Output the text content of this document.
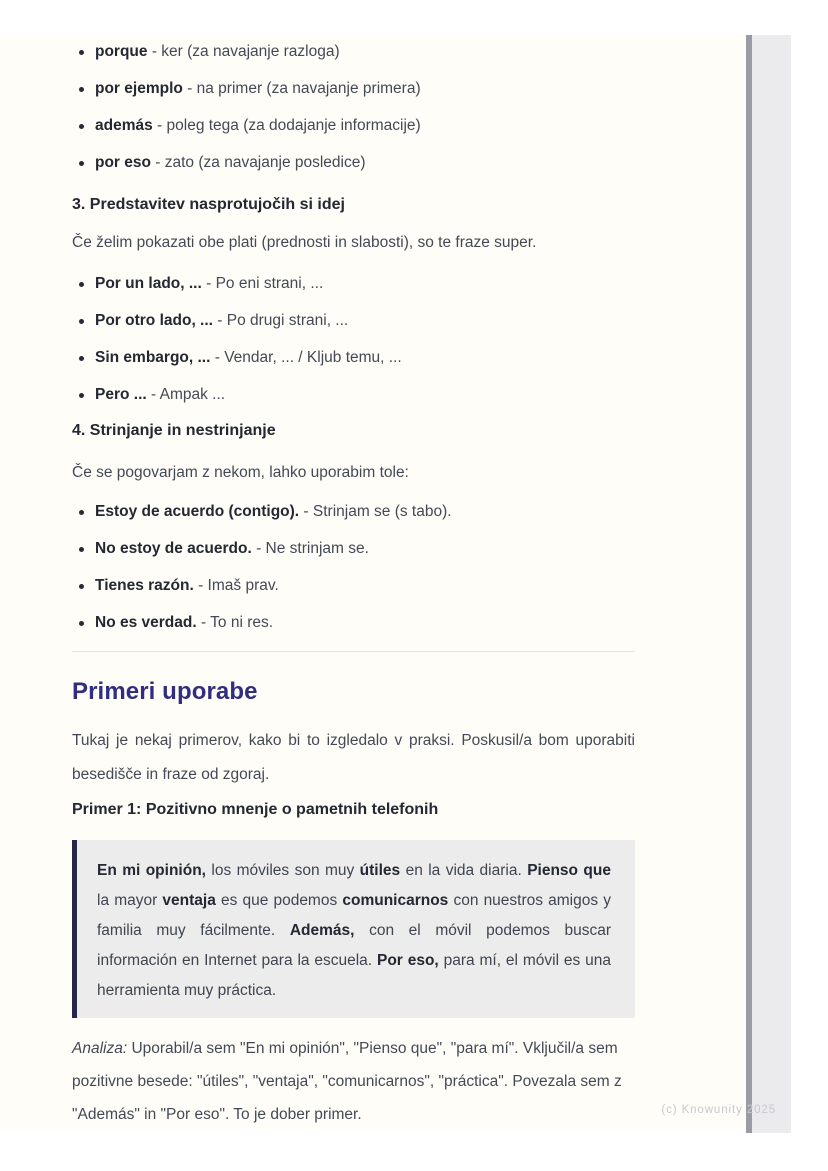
porque - ker (za navajanje razloga)
por ejemplo - na primer (za navajanje primera)
además - poleg tega (za dodajanje informacije)
por eso - zato (za navajanje posledice)
3. Predstavitev nasprotujočih si idej

Če želim pokazati obe plati (prednosti in slabosti), so te fraze super.

Por un lado, ... - Po eni strani, ...
Por otro lado, ... - Po drugi strani, ...
Sin embargo, ... - Vendar, ... / Kljub temu, ...
Pero ... - Ampak ...
4. Strinjanje in nestrinjanje

Če se pogovarjam z nekom, lahko uporabim tole:

Estoy de acuerdo (contigo). - Strinjam se (s tabo).
No estoy de acuerdo. - Ne strinjam se.
Tienes razón. - Imaš prav.
No es verdad. - To ni res.
Primeri uporabe

Tukaj je nekaj primerov, kako bi to izgledalo v praksi. Poskusil/a bom uporabiti besedišče in fraze od zgoraj.

Primer 1: Pozitivno mnenje o pametnih telefonih
En mi opinión, los móviles son muy útiles en la vida diaria. Pienso que la mayor ventaja es que podemos comunicarnos con nuestros amigos y familia muy fácilmente. Además, con el móvil podemos buscar información en Internet para la escuela. Por eso, para mí, el móvil es una herramienta muy práctica.

Analiza: Uporabil/a sem "En mi opinión", "Pienso que", "para mí". Vključil/a sem pozitivne besede: "útiles", "ventaja", "comunicarnos", "práctica". Povezala sem z "Además" in "Por eso". To je dober primer.	(c) Knowunity 2025
